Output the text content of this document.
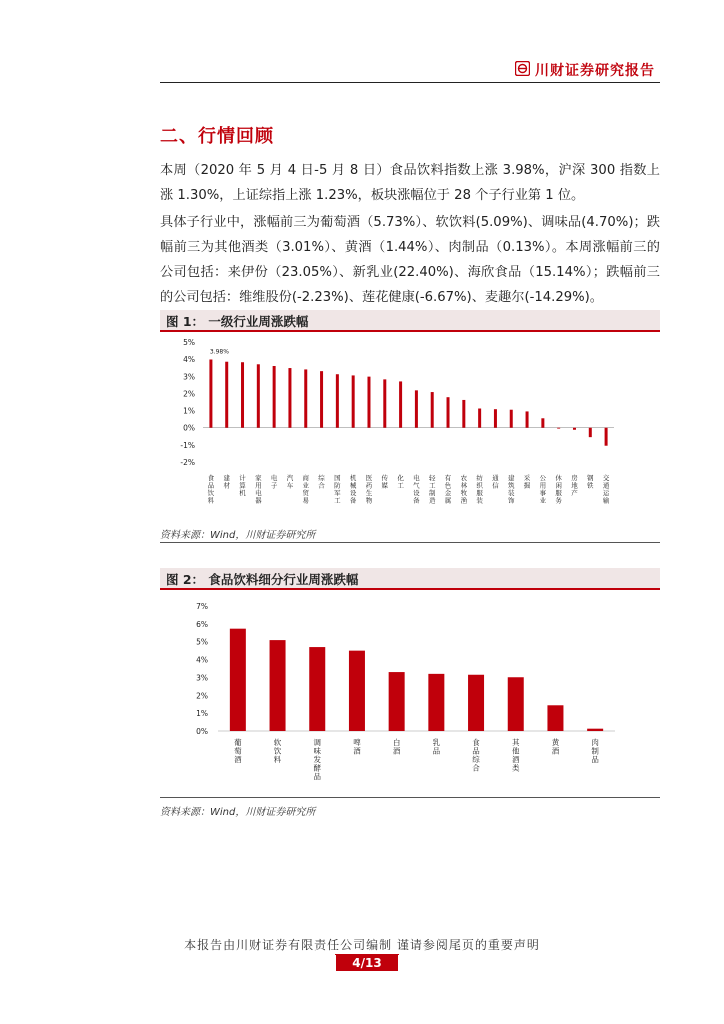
川财证券研究报告
二、行情回顾
本周（2020 年 5 月 4 日-5 月 8 日）食品饮料指数上涨 3.98%，沪深 300 指数上涨 1.30%，上证综指上涨 1.23%，板块涨幅位于 28 个子行业第 1 位。
具体子行业中，涨幅前三为葡萄酒（5.73%）、软饮料(5.09%)、调味品(4.70%)；跌幅前三为其他酒类（3.01%）、黄酒（1.44%）、肉制品（0.13%）。本周涨幅前三的公司包括：来伊份（23.05%）、新乳业(22.40%)、海欣食品（15.14%）；跌幅前三的公司包括：维维股份(-2.23%)、莲花健康(-6.67%)、麦趣尔(-14.29%)。
图 1： 一级行业周涨跌幅
5%
4%
3%
2%
1%
0%
-1%
-2%
食
品
饮
料
建
材
计
算
机
家
用
电
器
电
子
汽
车
商
业
贸
易
综
合
国
防
军
工
机
械
设
备
医
药
生
物
传
媒
化
工
电
气
设
备
轻
工
制
造
有
色
金
属
农
林
牧
渔
纺
织
服
装
通
信
建
筑
装
饰
采
掘
公
用
事
业
休
闲
服
务
房
地
产
钢
铁
交
通
运
输
3.98%
资料来源：Wind，川财证券研究所
图 2： 食品饮料细分行业周涨跌幅
7%
6%
5%
4%
3%
2%
1%
0%
葡
萄
酒
软
饮
料
调
味
发
酵
品
啤
酒
白
酒
乳
品
食
品
综
合
其
他
酒
类
黄
酒
肉
制
品
资料来源：Wind，川财证券研究所
本报告由川财证券有限责任公司编制 谨请参阅尾页的重要声明
4/13
